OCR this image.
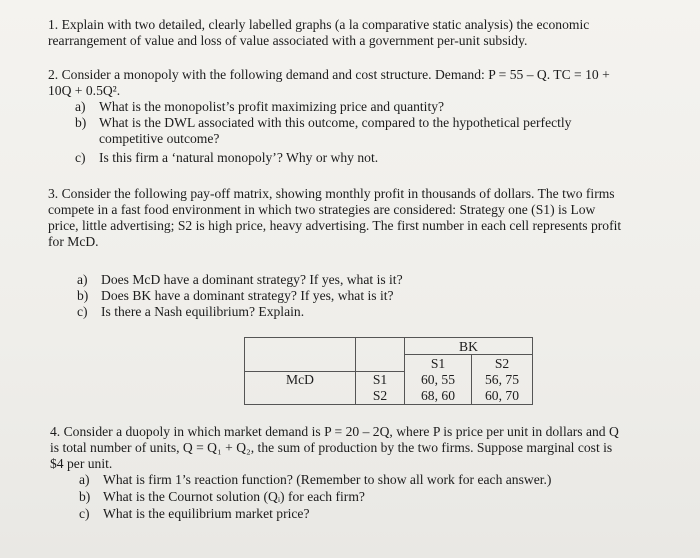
1. Explain with two detailed, clearly labelled graphs (a la comparative static analysis) the economic
rearrangement of value and loss of value associated with a government per-unit subsidy.
2. Consider a monopoly with the following demand and cost structure. Demand: P = 55 – Q. TC = 10 +
10Q + 0.5Q².
a) What is the monopolist’s profit maximizing price and quantity?
b) What is the DWL associated with this outcome, compared to the hypothetical perfectly
competitive outcome?
c) Is this firm a ‘natural monopoly’? Why or why not.
3. Consider the following pay-off matrix, showing monthly profit in thousands of dollars. The two firms
compete in a fast food environment in which two strategies are considered: Strategy one (S1) is Low
price, little advertising; S2 is high price, heavy advertising. The first number in each cell represents profit
for McD.
a) Does McD have a dominant strategy? If yes, what is it?
b) Does BK have a dominant strategy? If yes, what is it?
c) Is there a Nash equilibrium? Explain.
		BK	
		S1	S2
McD	S1	60, 55	56, 75
	S2	68, 60	60, 70
4. Consider a duopoly in which market demand is P = 20 – 2Q, where P is price per unit in dollars and Q
is total number of units, Q = Q₁ + Q₂, the sum of production by the two firms. Suppose marginal cost is
$4 per unit.
a) What is firm 1’s reaction function? (Remember to show all work for each answer.)
b) What is the Cournot solution (Qᵢ) for each firm?
c) What is the equilibrium market price?
